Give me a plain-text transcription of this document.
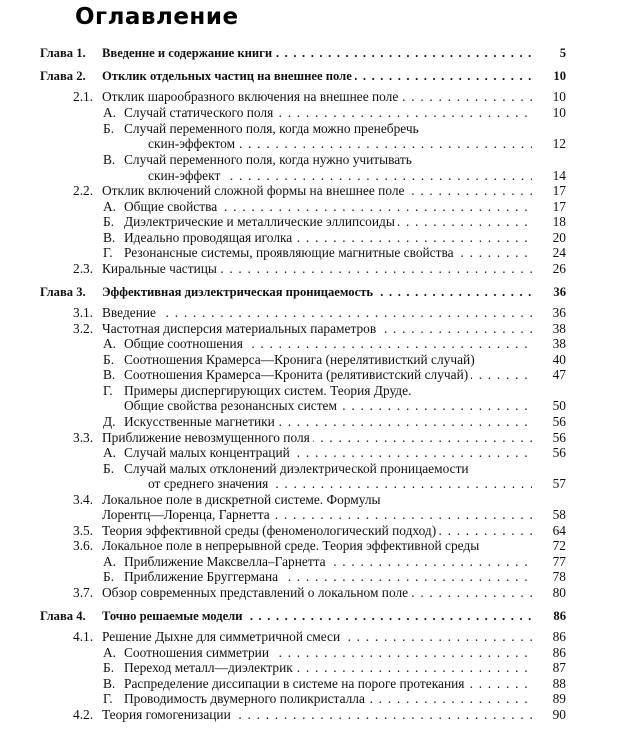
Оглавление
Глава 1. Введенне и содержание книги . . .	5
Глава 2. Отклик отдельных частиц на внешнее поле . . .	10
2.1. Отклик шарообразного включения на внешнее поле . . .	10
А. Случай статического поля . . .	10
Б. Случай переменного поля, когда можно пренебречь
скин-эффектом . . .	12
В. Случай переменного поля, когда нужно учитывать
скин-эффект . . .	14
2.2. Отклик включений сложной формы на внешнее поле . . .	17
А. Общие свойства . . .	17
Б. Диэлектрические и металлические эллипсоиды . . .	18
В. Идеально проводящая иголка . . .	20
Г. Резонансные системы, проявляющие магнитные свойства . . .	24
2.3. Киральные частицы . . .	26
Глава 3. Эффективная диэлектрическая проницаемость . . .	36
3.1. Введение . . .	36
3.2. Частотная дисперсия материальных параметров . . .	38
А. Общие соотношения . . .	38
Б. Соотношения Крамерса—Кронига (нерелятивисткий случай)	40
В. Соотношения Крамерса—Кронита (релятивистский случай) . . .	47
Г. Примеры диспергирующих систем. Теория Друде.
Общие свойства резонансных систем . . .	50
Д. Искусственные магнетики . . .	56
3.3. Приближение невозмущенного поля . . .	56
А. Случай малых концентраций . . .	56
Б. Случай малых отклонений диэлектрической проницаемости
от среднего значения . . .	57
3.4. Локальное поле в дискретной системе. Формулы
Лорентц—Лоренца, Гарнетта . . .	58
3.5. Теория эффективной среды (феноменологический подход) . . .	64
3.6. Локальное поле в непрерывной среде. Теория эффективной среды	72
А. Приближение Максвелла–Гарнетта . . .	77
Б. Приближение Бруггермана . . .	78
3.7. Обзор современных представлений о локальном поле . . .	80
Глава 4. Точно решаемые модели . . .	86
4.1. Решение Дыхне для симметричной смеси . . .	86
А. Соотношения симметрии . . .	86
Б. Переход металл—диэлектрик . . .	87
В. Распределение диссипации в системе на пороге протекания . . .	88
Г. Проводимость двумерного поликристалла . . .	89
4.2. Теория гомогенизации . . .	90
